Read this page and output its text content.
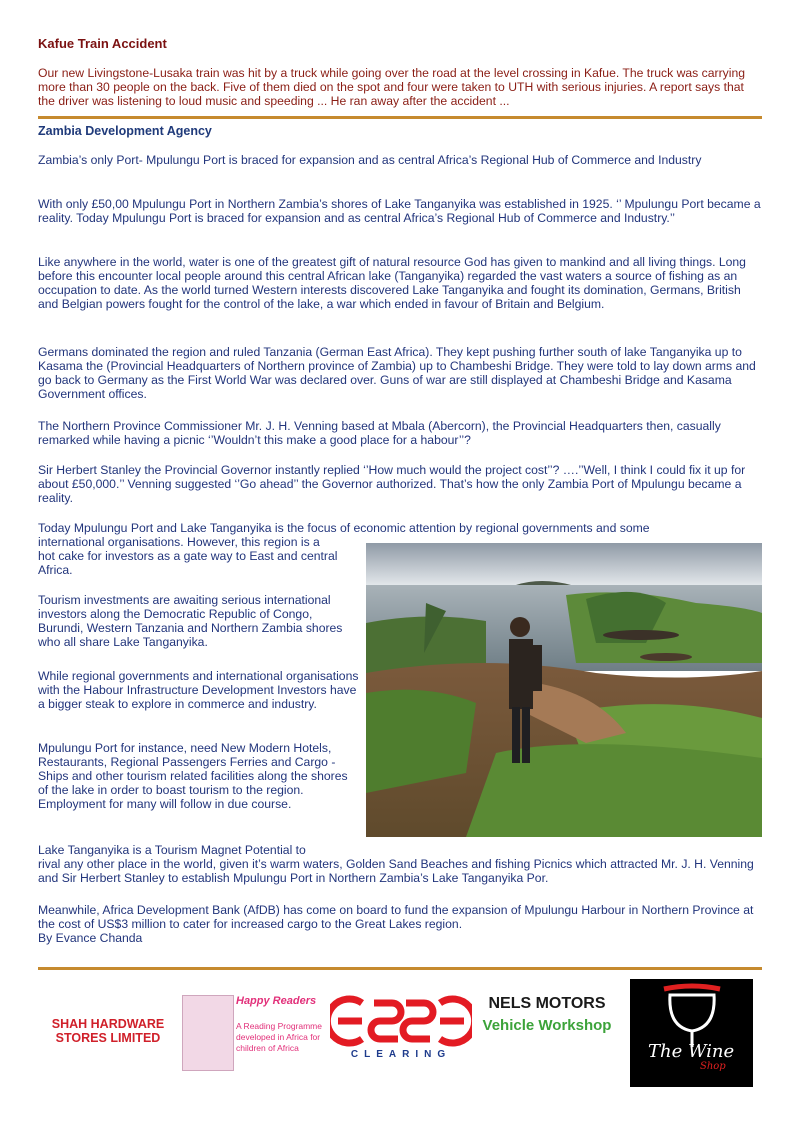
Kafue Train Accident
Our new Livingstone-Lusaka train was hit by a truck while going over the road at the level crossing in Kafue. The truck was carrying more than 30 people on the back. Five of them died on the spot and four were taken to UTH with serious injuries. A report says that the driver was listening to loud music and speeding ... He ran away after the accident ...
Zambia Development Agency
Zambia’s only Port- Mpulungu Port is braced for expansion and as central Africa’s Regional Hub of Commerce and Industry
With only £50,00 Mpulungu Port in Northern Zambia’s shores of Lake Tanganyika was established in 1925. ‘’ Mpulungu Port became a reality. Today Mpulungu Port is braced for expansion and as central Africa’s Regional Hub of Commerce and Industry.’’
Like anywhere in the world, water is one of the greatest gift of natural resource God has given to mankind and all living things. Long before this encounter local people around this central African lake (Tanganyika) regarded the vast waters a source of fishing as an occupation to date. As the world turned Western interests discovered Lake Tanganyika and fought its domination, Germans, British and Belgian powers fought for the control of the lake, a war which ended in favour of Britain and Belgium.
Germans dominated the region and ruled Tanzania (German East Africa). They kept pushing further south of lake Tanganyika up to Kasama the (Provincial Headquarters of Northern province of Zambia) up to Chambeshi Bridge. They were told to lay down arms and go back to Germany as the First World War was declared over. Guns of war are still displayed at Chambeshi Bridge and Kasama Government offices.
The Northern Province Commissioner Mr. J. H. Venning based at Mbala (Abercorn), the Provincial Headquarters then, casually remarked while having a picnic ‘’Wouldn’t this make a good place for a habour’’?
Sir Herbert Stanley the Provincial Governor instantly replied ‘’How much would the project cost’’? ….’’Well, I think I could fix it up for about £50,000.’’ Venning suggested ‘’Go ahead’’ the Governor authorized. That’s how the only Zambia Port of Mpulungu became a reality.
Today Mpulungu Port and Lake Tanganyika is the focus of economic attention by regional governments and some
international organisations. However, this region is a hot cake for investors as a gate way to East and central Africa.
Tourism investments are awaiting serious international investors along the Democratic Republic of Congo, Burundi, Western Tanzania and Northern Zambia shores who all share Lake Tanganyika.
While regional governments and international organisations with the Habour Infrastructure Development Investors have a bigger steak to explore in commerce and industry.
Mpulungu Port for instance, need New Modern Hotels, Restaurants, Regional Passengers Ferries and Cargo - Ships and other tourism related facilities along the shores of the lake in order to boast tourism to the region. Employment for many will follow in due course.
Lake Tanganyika is a Tourism Magnet Potential to
rival any other place in the world, given it’s warm waters, Golden Sand Beaches and fishing Picnics which attracted Mr. J. H. Venning and Sir Herbert Stanley to establish Mpulungu Port in Northern Zambia’s Lake Tanganyika Por.
Meanwhile, Africa Development Bank (AfDB) has come on board to fund the expansion of Mpulungu Harbour in Northern Province at the cost of US$3 million to cater for increased cargo to the Great Lakes region.
By Evance Chanda
SHAH HARDWARE STORES LIMITED
Happy Readers
A Reading Programme developed in Africa for children of Africa
CLEARING
NELS MOTORS
Vehicle Workshop
The Wine
Shop
